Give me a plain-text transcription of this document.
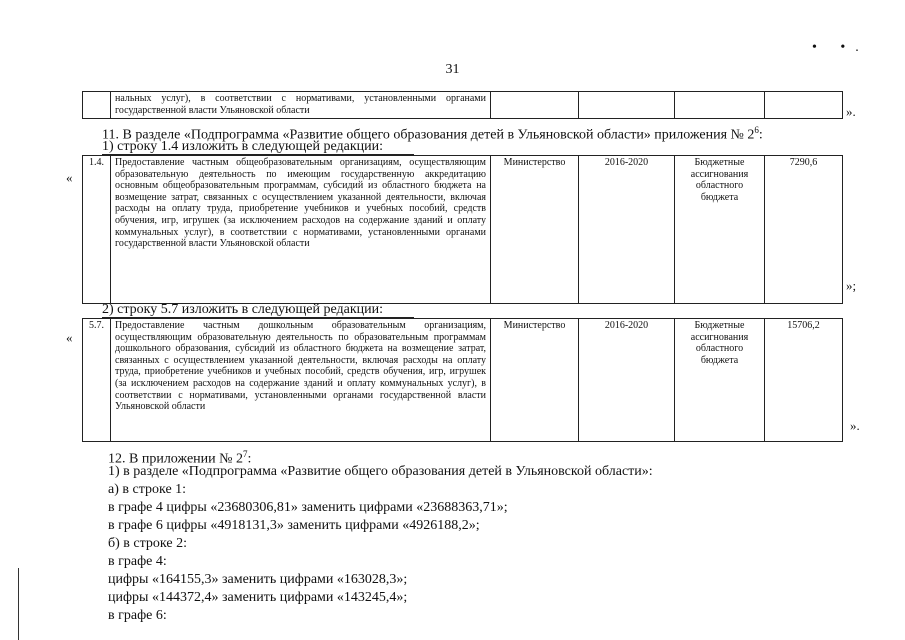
31
• •.
	нальных услуг), в соответствии с нормативами, установленными органами государственной власти Ульяновской области					».
11. В разделе «Подпрограмма «Развитие общего образования детей в Ульяновской области» приложения № $2^6$:
1) строку 1.4 изложить в следующей редакции:
«
1.4.	Предоставление частным общеобразовательным организациям, осуществляющим образовательную деятельность по имеющим государственную аккредитацию основным общеобразовательным программам, субсидий из областного бюджета на возмещение затрат, связанных с осуществлением указанной деятельности, включая расходы на оплату труда, приобретение учебников и учебных пособий, средств обучения, игр, игрушек (за исключением расходов на содержание зданий и оплату коммунальных услуг), в соответствии с нормативами, установленными органами государственной власти Ульяновской области	Министерство	2016-2020	Бюджетные ассигнования областного бюджета	7290,6
»;
2) строку 5.7 изложить в следующей редакции:
«
5.7.	Предоставление частным дошкольным образовательным организациям, осуществляющим образовательную деятельность по образовательным программам дошкольного образования, субсидий из областного бюджета на возмещение затрат, связанных с осуществлением указанной деятельности, включая расходы на оплату труда, приобретение учебников и учебных пособий, средств обучения, игр, игрушек (за исключением расходов на содержание зданий и оплату коммунальных услуг), в соответствии с нормативами, установленными органами государственной власти Ульяновской области	Министерство	2016-2020	Бюджетные ассигнования областного бюджета	15706,2
».
12. В приложении № $2^7$:
1) в разделе «Подпрограмма «Развитие общего образования детей в Ульяновской области»:
а) в строке 1:
в графе 4 цифры «23680306,81» заменить цифрами «23688363,71»;
в графе 6 цифры «4918131,3» заменить цифрами «4926188,2»;
б) в строке 2:
в графе 4:
цифры «164155,3» заменить цифрами «163028,3»;
цифры «144372,4» заменить цифрами «143245,4»;
в графе 6:
